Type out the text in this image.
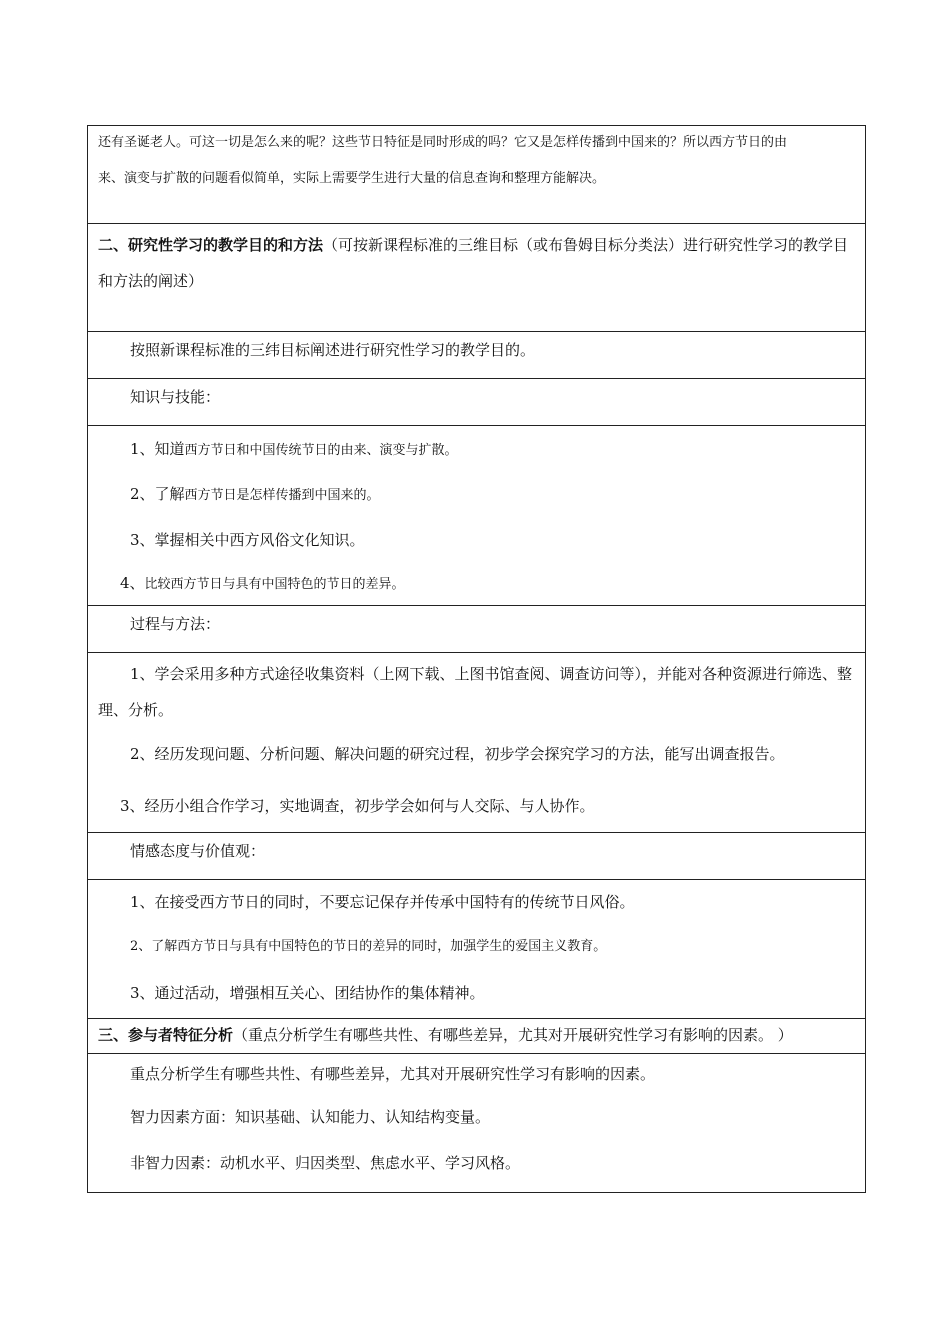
还有圣诞老人。可这一切是怎么来的呢？这些节日特征是同时形成的吗？它又是怎样传播到中国来的？所以西方节日的由

来、演变与扩散的问题看似简单，实际上需要学生进行大量的信息查询和整理方能解决。

二、研究性学习的教学目的和方法（可按新课程标准的三维目标（或布鲁姆目标分类法）进行研究性学习的教学目和方法的阐述）

按照新课程标准的三纬目标阐述进行研究性学习的教学目的。

知识与技能：

1、知道西方节日和中国传统节日的由来、演变与扩散。

2、了解西方节日是怎样传播到中国来的。

3、掌握相关中西方风俗文化知识。

4、比较西方节日与具有中国特色的节日的差异。

过程与方法：

1、学会采用多种方式途径收集资料（上网下载、上图书馆查阅、调查访问等），并能对各种资源进行筛选、整理、分析。

2、经历发现问题、分析问题、解决问题的研究过程，初步学会探究学习的方法，能写出调查报告。

3、经历小组合作学习，实地调查，初步学会如何与人交际、与人协作。

情感态度与价值观：

1、在接受西方节日的同时，不要忘记保存并传承中国特有的传统节日风俗。

2、了解西方节日与具有中国特色的节日的差异的同时，加强学生的爱国主义教育。

3、通过活动，增强相互关心、团结协作的集体精神。

三、参与者特征分析（重点分析学生有哪些共性、有哪些差异，尤其对开展研究性学习有影响的因素。 ）

重点分析学生有哪些共性、有哪些差异，尤其对开展研究性学习有影响的因素。

智力因素方面：知识基础、认知能力、认知结构变量。

非智力因素：动机水平、归因类型、焦虑水平、学习风格。
